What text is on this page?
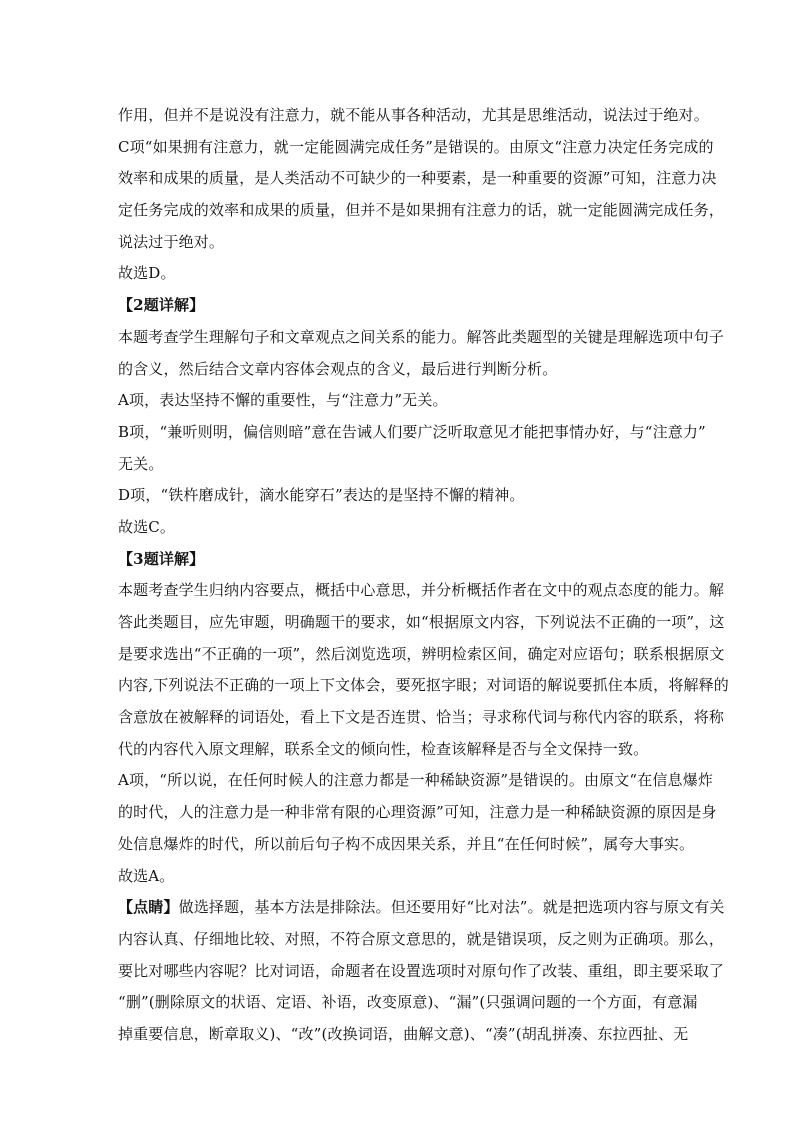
作用，但并不是说没有注意力，就不能从事各种活动，尤其是思维活动，说法过于绝对。

C项“如果拥有注意力，就一定能圆满完成任务”是错误的。由原文“注意力决定任务完成的

效率和成果的质量，是人类活动不可缺少的一种要素，是一种重要的资源”可知，注意力决

定任务完成的效率和成果的质量，但并不是如果拥有注意力的话，就一定能圆满完成任务，

说法过于绝对。

故选D。

【2题详解】

本题考查学生理解句子和文章观点之间关系的能力。解答此类题型的关键是理解选项中句子

的含义，然后结合文章内容体会观点的含义，最后进行判断分析。

A项，表达坚持不懈的重要性，与“注意力”无关。

B项，“兼听则明，偏信则暗”意在告诫人们要广泛听取意见才能把事情办好，与“注意力”

无关。

D项，“铁杵磨成针，滴水能穿石”表达的是坚持不懈的精神。

故选C。

【3题详解】

本题考查学生归纳内容要点，概括中心意思，并分析概括作者在文中的观点态度的能力。解

答此类题目，应先审题，明确题干的要求，如“根据原文内容，下列说法不正确的一项”，这

是要求选出“不正确的一项”，然后浏览选项，辨明检索区间，确定对应语句；联系根据原文

内容,下列说法不正确的一项上下文体会，要死抠字眼；对词语的解说要抓住本质，将解释的

含意放在被解释的词语处，看上下文是否连贯、恰当；寻求称代词与称代内容的联系，将称

代的内容代入原文理解，联系全文的倾向性，检查该解释是否与全文保持一致。

A项，“所以说，在任何时候人的注意力都是一种稀缺资源”是错误的。由原文“在信息爆炸

的时代，人的注意力是一种非常有限的心理资源”可知，注意力是一种稀缺资源的原因是身

处信息爆炸的时代，所以前后句子构不成因果关系，并且“在任何时候”，属夸大事实。

故选A。

【点睛】做选择题，基本方法是排除法。但还要用好“比对法”。就是把选项内容与原文有关

内容认真、仔细地比较、对照，不符合原文意思的，就是错误项，反之则为正确项。那么，

要比对哪些内容呢？比对词语，命题者在设置选项时对原句作了改装、重组，即主要采取了

“删”(删除原文的状语、定语、补语，改变原意)、“漏”(只强调问题的一个方面，有意漏

掉重要信息，断章取义)、“改”(改换词语，曲解文意)、“凑”(胡乱拼凑、东拉西扯、无
